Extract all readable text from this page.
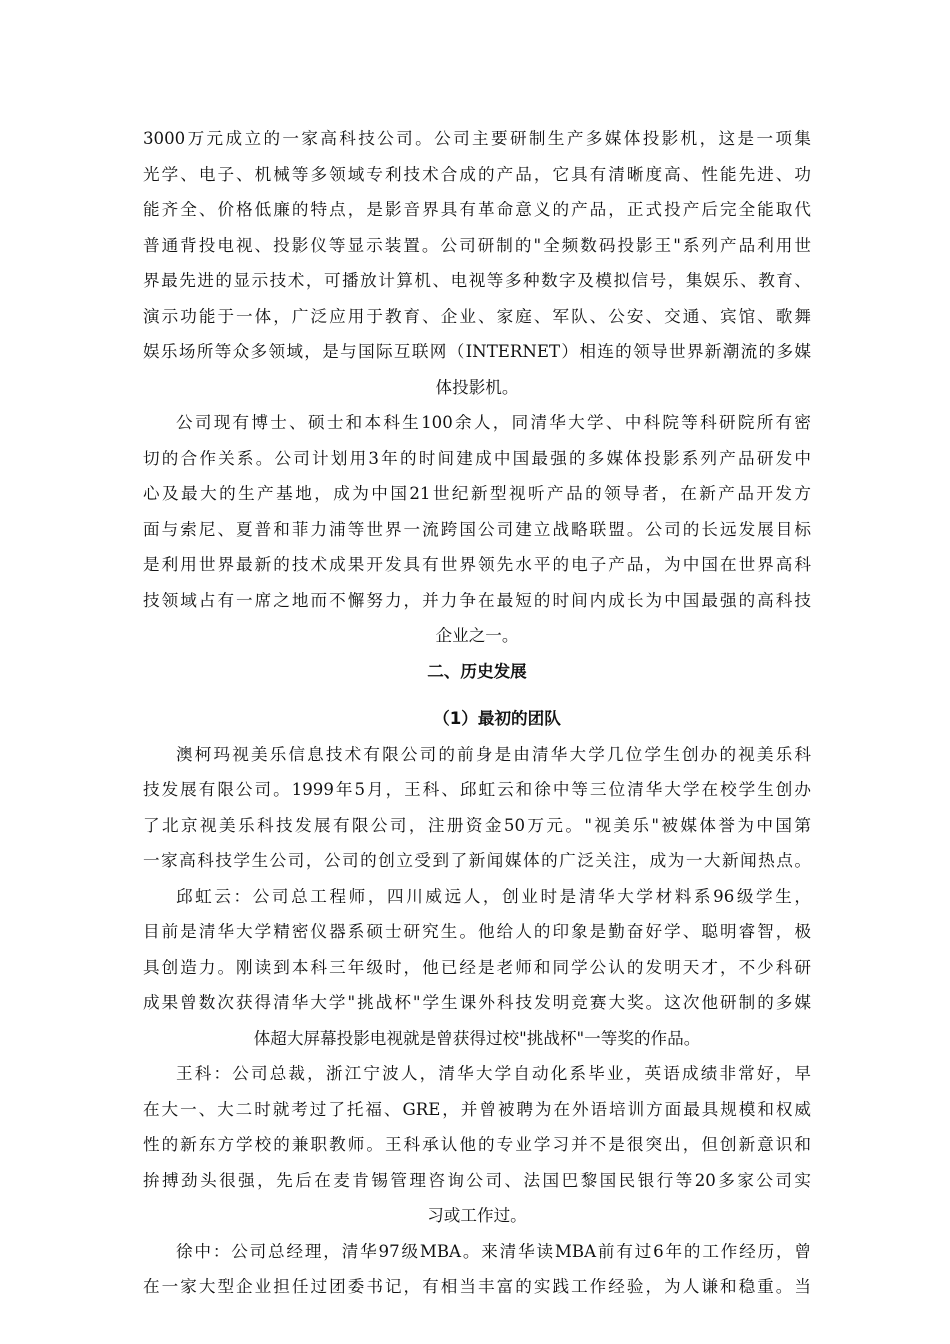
3000万元成立的一家高科技公司。公司主要研制生产多媒体投影机，这是一项集
光学、电子、机械等多领域专利技术合成的产品，它具有清晰度高、性能先进、功
能齐全、价格低廉的特点，是影音界具有革命意义的产品，正式投产后完全能取代
普通背投电视、投影仪等显示装置。公司研制的"全频数码投影王"系列产品利用世
界最先进的显示技术，可播放计算机、电视等多种数字及模拟信号，集娱乐、教育、
演示功能于一体，广泛应用于教育、企业、家庭、军队、公安、交通、宾馆、歌舞
娱乐场所等众多领域，是与国际互联网（INTERNET）相连的领导世界新潮流的多媒
体投影机。
公司现有博士、硕士和本科生100余人，同清华大学、中科院等科研院所有密
切的合作关系。公司计划用3年的时间建成中国最强的多媒体投影系列产品研发中
心及最大的生产基地，成为中国21世纪新型视听产品的领导者，在新产品开发方
面与索尼、夏普和菲力浦等世界一流跨国公司建立战略联盟。公司的长远发展目标
是利用世界最新的技术成果开发具有世界领先水平的电子产品，为中国在世界高科
技领域占有一席之地而不懈努力，并力争在最短的时间内成长为中国最强的高科技
企业之一。
二、历史发展
（1）最初的团队
澳柯玛视美乐信息技术有限公司的前身是由清华大学几位学生创办的视美乐科
技发展有限公司。1999年5月，王科、邱虹云和徐中等三位清华大学在校学生创办
了北京视美乐科技发展有限公司，注册资金50万元。"视美乐"被媒体誉为中国第
一家高科技学生公司，公司的创立受到了新闻媒体的广泛关注，成为一大新闻热点。
邱虹云：公司总工程师，四川威远人，创业时是清华大学材料系96级学生，
目前是清华大学精密仪器系硕士研究生。他给人的印象是勤奋好学、聪明睿智，极
具创造力。刚读到本科三年级时，他已经是老师和同学公认的发明天才，不少科研
成果曾数次获得清华大学"挑战杯"学生课外科技发明竞赛大奖。这次他研制的多媒
体超大屏幕投影电视就是曾获得过校"挑战杯"一等奖的作品。
王科：公司总裁，浙江宁波人，清华大学自动化系毕业，英语成绩非常好，早
在大一、大二时就考过了托福、GRE，并曾被聘为在外语培训方面最具规模和权威
性的新东方学校的兼职教师。王科承认他的专业学习并不是很突出，但创新意识和
拚搏劲头很强，先后在麦肯锡管理咨询公司、法国巴黎国民银行等20多家公司实
习或工作过。
徐中：公司总经理，清华97级MBA。来清华读MBA前有过6年的工作经历，曾
在一家大型企业担任过团委书记，有相当丰富的实践工作经验，为人谦和稳重。当
